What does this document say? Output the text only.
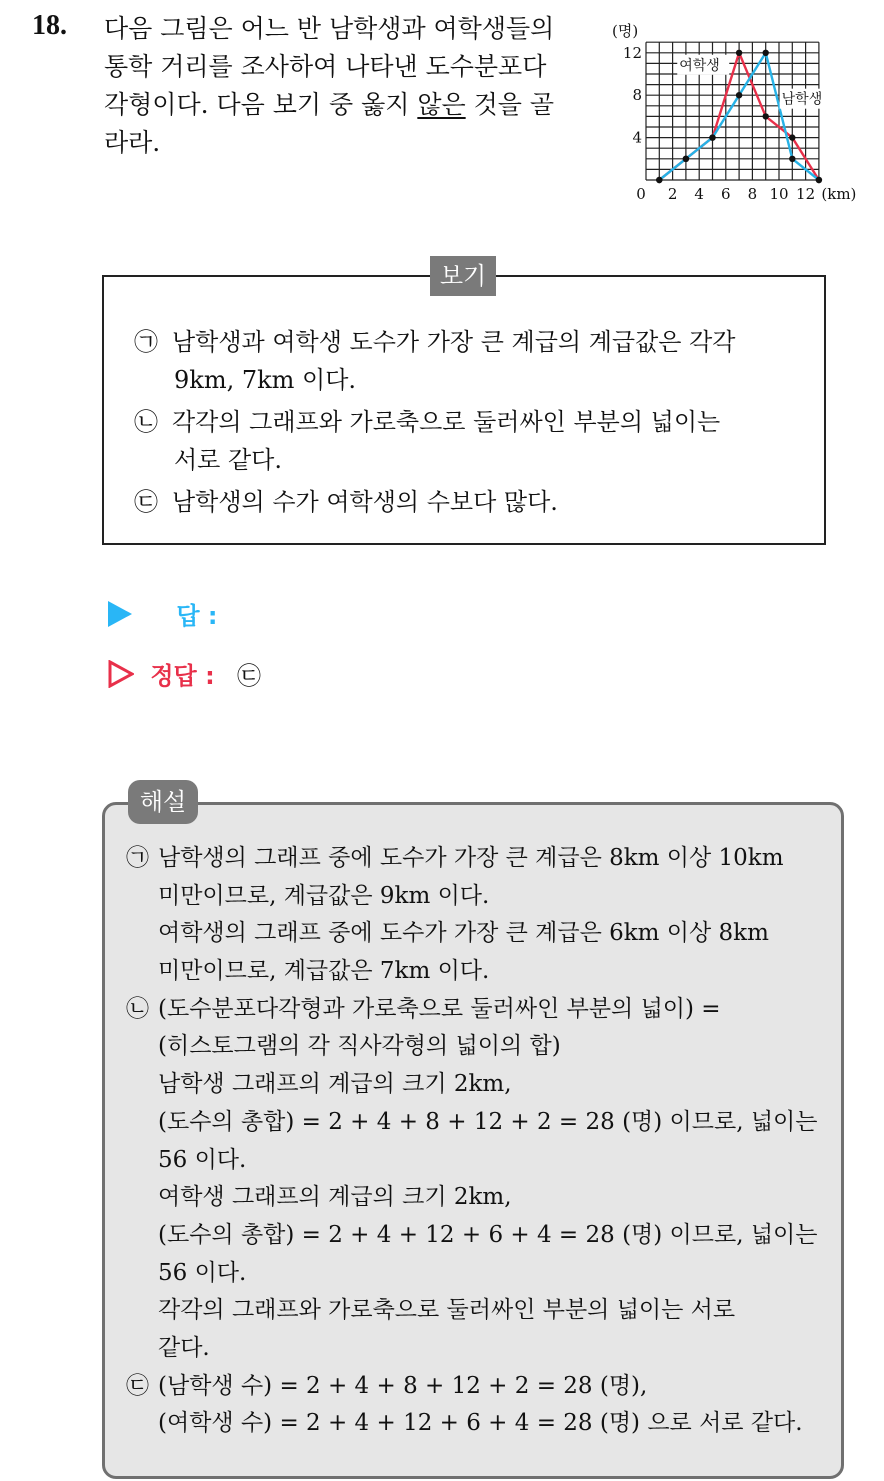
18. 다음 그림은 어느 반 남학생과 여학생들의
통학 거리를 조사하여 나타낸 도수분포다
각형이다. 다음 보기 중 옳지 않은 것을 골
라라.
(명)
4
8
12
0 2 4 6 8 10 12 (km)
여학생
남학생
㉠ 남학생과 여학생 도수가 가장 큰 계급의 계급값은 각각
9km, 7km 이다.
㉡ 각각의 그래프와 가로축으로 둘러싸인 부분의 넓이는
서로 같다.
㉢ 남학생의 수가 여학생의 수보다 많다.
보기
답 :
정답 : ㉢
해설
㉠ 남학생의 그래프 중에 도수가 가장 큰 계급은 8km 이상 10km
미만이므로, 계급값은 9km 이다.
여학생의 그래프 중에 도수가 가장 큰 계급은 6km 이상 8km
미만이므로, 계급값은 7km 이다.
㉡ (도수분포다각형과 가로축으로 둘러싸인 부분의 넓이) =
(히스토그램의 각 직사각형의 넓이의 합)
남학생 그래프의 계급의 크기 2km,
(도수의 총합) = 2 + 4 + 8 + 12 + 2 = 28 (명) 이므로, 넓이는
56 이다.
여학생 그래프의 계급의 크기 2km,
(도수의 총합) = 2 + 4 + 12 + 6 + 4 = 28 (명) 이므로, 넓이는
56 이다.
각각의 그래프와 가로축으로 둘러싸인 부분의 넓이는 서로
같다.
㉢ (남학생 수) = 2 + 4 + 8 + 12 + 2 = 28 (명),
(여학생 수) = 2 + 4 + 12 + 6 + 4 = 28 (명) 으로 서로 같다.
